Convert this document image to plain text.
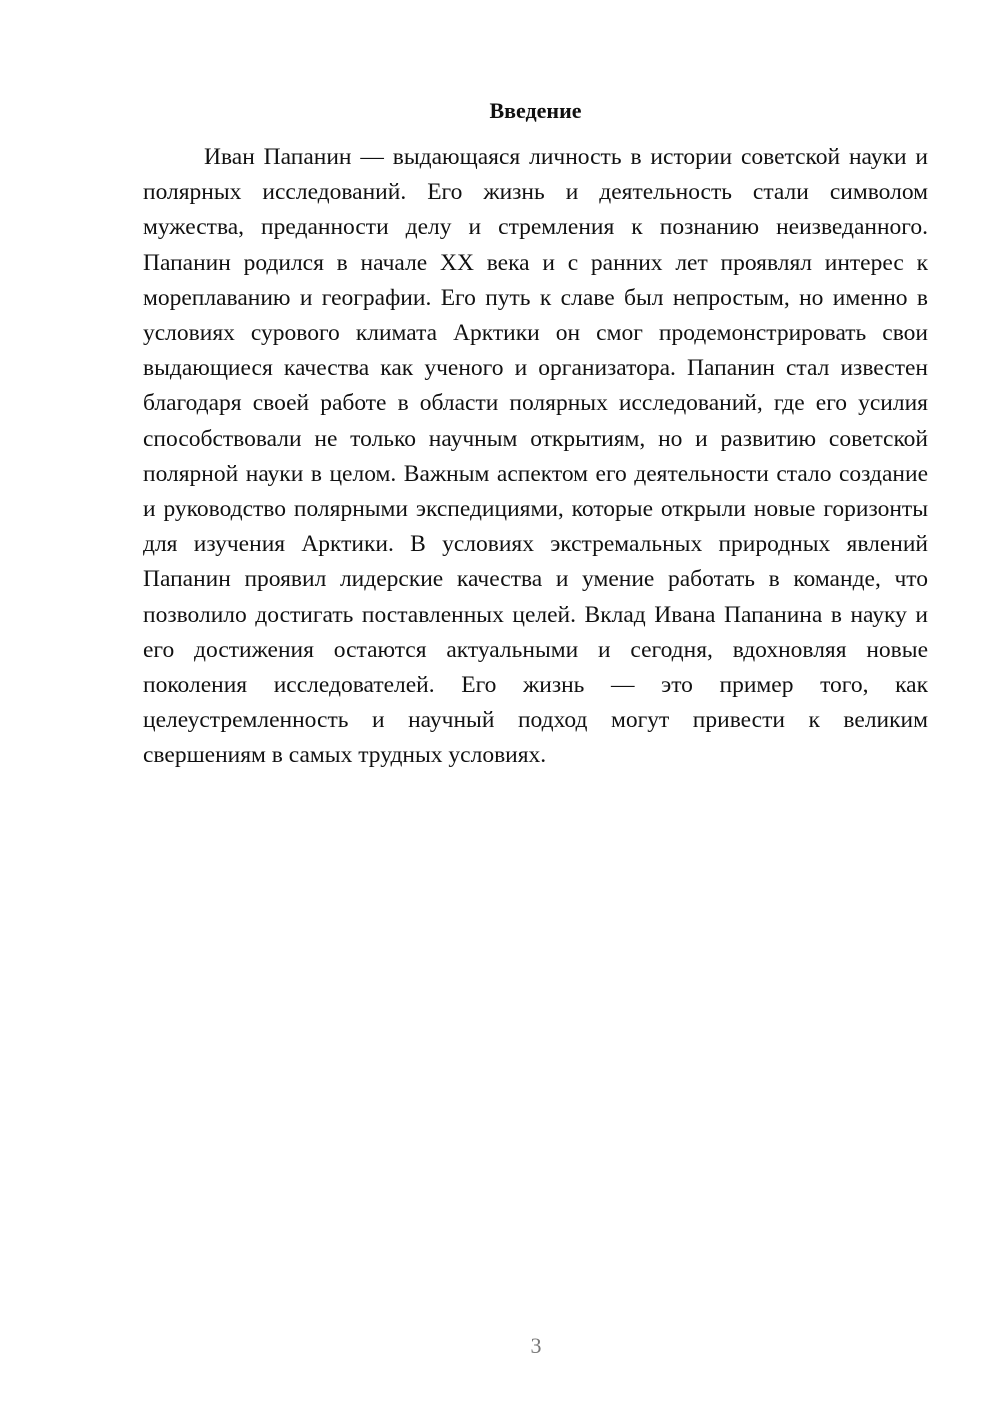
Введение

Иван Папанин — выдающаяся личность в истории советской науки и полярных исследований. Его жизнь и деятельность стали символом мужества, преданности делу и стремления к познанию неизведанного. Папанин родился в начале XX века и с ранних лет проявлял интерес к мореплаванию и географии. Его путь к славе был непростым, но именно в условиях сурового климата Арктики он смог продемонстрировать свои выдающиеся качества как ученого и организатора. Папанин стал известен благодаря своей работе в области полярных исследований, где его усилия способствовали не только научным открытиям, но и развитию советской полярной науки в целом. Важным аспектом его деятельности стало создание и руководство полярными экспедициями, которые открыли новые горизонты для изучения Арктики. В условиях экстремальных природных явлений Папанин проявил лидерские качества и умение работать в команде, что позволило достигать поставленных целей. Вклад Ивана Папанина в науку и его достижения остаются актуальными и сегодня, вдохновляя новые поколения исследователей. Его жизнь — это пример того, как целеустремленность и научный подход могут привести к великим свершениям в самых трудных условиях.

3
